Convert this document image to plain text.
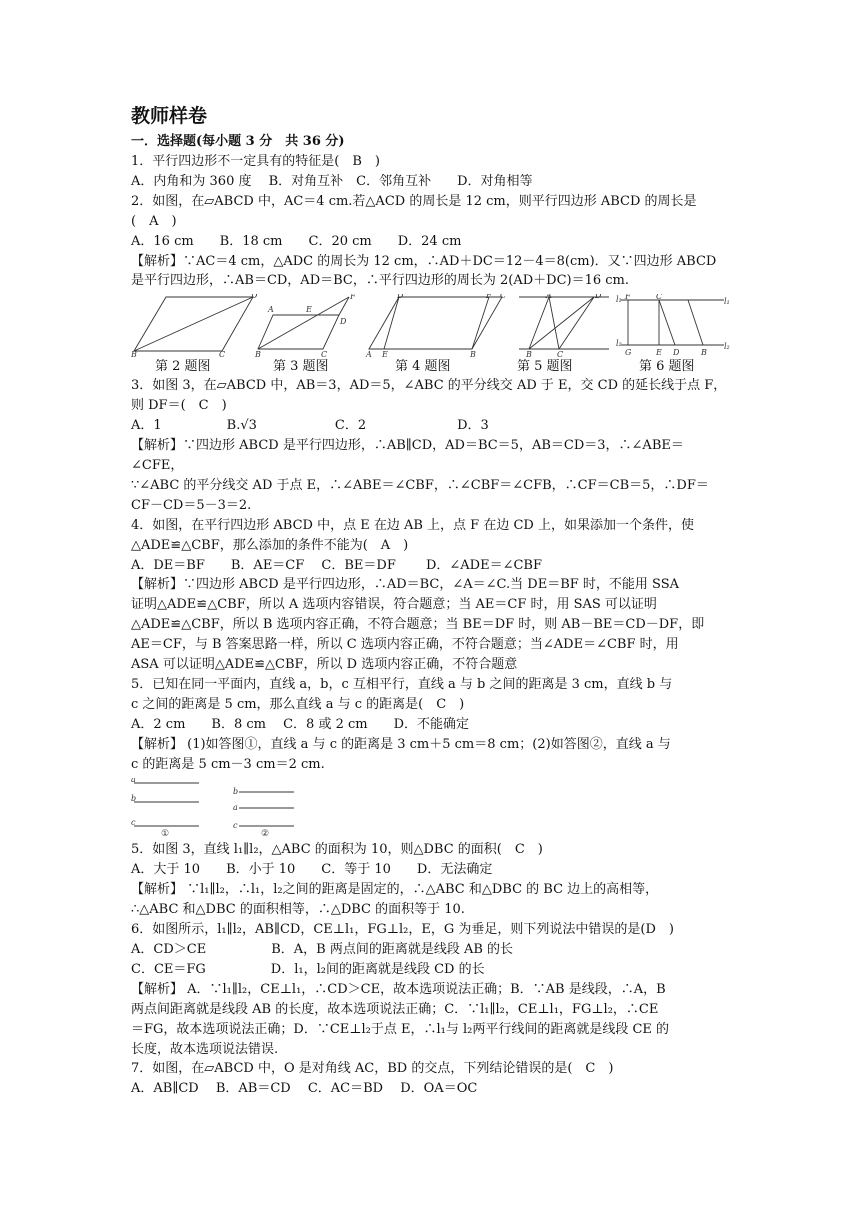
教师样卷
一．选择题(每小题 3 分　共 36 分)

1．平行四边形不一定具有的特征是(　B　)

A．内角和为 360 度　 B．对角互补　C．邻角互补　　D．对角相等

2．如图，在▱ABCD 中，AC＝4 cm.若△ACD 的周长是 12 cm，则平行四边形 ABCD 的周长是

(　A　)

A．16 cm　　B．18 cm　　C．20 cm　　D．24 cm

【解析】∵AC＝4 cm，△ADC 的周长为 12 cm，∴AD＋DC＝12－4＝8(cm)．又∵四边形 ABCD

是平行四边形，∴AB＝CD，AD＝BC，∴平行四边形的周长为 2(AD＋DC)＝16 cm.

B	C
D
A
B	C
D
E
F
A	B
C
D
E
F	A
B	C
D	F	C
l₁	l₁
l₂	l₂
G	E D	B
第 2 题图	第 3 题图	第 4 题图	第 5 题图	第 6 题图

3．如图 3，在▱ABCD 中，AB＝3，AD＝5，∠ABC 的平分线交 AD 于 E，交 CD 的延长线于点 F，

则 DF＝(　C　)

A．1　　　　　B.√3　　　　　　C．2　　　　　　　D．3

【解析】∵四边形 ABCD 是平行四边形，∴AB∥CD，AD＝BC＝5，AB＝CD＝3，∴∠ABE＝∠CFE，

∵∠ABC 的平分线交 AD 于点 E，∴∠ABE＝∠CBF，∴∠CBF＝∠CFB，∴CF＝CB＝5，∴DF＝

CF－CD＝5－3＝2.

4．如图，在平行四边形 ABCD 中，点 E 在边 AB 上，点 F 在边 CD 上，如果添加一个条件，使

△ADE≌△CBF，那么添加的条件不能为(　A　)

A．DE＝BF　　B．AE＝CF　 C．BE＝DF　　 D．∠ADE＝∠CBF

【解析】∵四边形 ABCD 是平行四边形，∴AD＝BC，∠A＝∠C.当 DE＝BF 时，不能用 SSA

证明△ADE≌△CBF，所以 A 选项内容错误，符合题意；当 AE＝CF 时，用 SAS 可以证明

△ADE≌△CBF，所以 B 选项内容正确，不符合题意；当 BE＝DF 时，则 AB－BE＝CD－DF，即

AE＝CF，与 B 答案思路一样，所以 C 选项内容正确，不符合题意；当∠ADE＝∠CBF 时，用

ASA 可以证明△ADE≌△CBF，所以 D 选项内容正确，不符合题意

5．已知在同一平面内，直线 a，b，c 互相平行，直线 a 与 b 之间的距离是 3 cm，直线 b 与

c 之间的距离是 5 cm，那么直线 a 与 c 的距离是(　C　)

A．2 cm　　B．8 cm　 C．8 或 2 cm　　D．不能确定

【解析】 (1)如答图①，直线 a 与 c 的距离是 3 cm＋5 cm＝8 cm；(2)如答图②，直线 a 与

c 的距离是 5 cm－3 cm＝2 cm.

a
b
c
①
b
a
c
②

5．如图 3，直线 l₁∥l₂，△ABC 的面积为 10，则△DBC 的面积(　C　)

A．大于 10　　B．小于 10　　C．等于 10　　D．无法确定

【解析】 ∵l₁∥l₂，∴l₁，l₂之间的距离是固定的，∴△ABC 和△DBC 的 BC 边上的高相等，

∴△ABC 和△DBC 的面积相等，∴△DBC 的面积等于 10.

6．如图所示，l₁∥l₂，AB∥CD，CE⊥l₁，FG⊥l₂，E，G 为垂足，则下列说法中错误的是(D　)

A．CD＞CE　　　　　B．A，B 两点间的距离就是线段 AB 的长

C．CE＝FG　　　　　D．l₁，l₂间的距离就是线段 CD 的长

【解析】 A．∵l₁∥l₂，CE⊥l₁，∴CD＞CE，故本选项说法正确；B．∵AB 是线段，∴A，B

两点间距离就是线段 AB 的长度，故本选项说法正确；C．∵l₁∥l₂，CE⊥l₁，FG⊥l₂，∴CE

＝FG，故本选项说法正确；D．∵CE⊥l₂于点 E，∴l₁与 l₂两平行线间的距离就是线段 CE 的

长度，故本选项说法错误.

7．如图，在▱ABCD 中，O 是对角线 AC，BD 的交点，下列结论错误的是(　C　)

A．AB∥CD　 B．AB＝CD　 C．AC＝BD　 D．OA＝OC
